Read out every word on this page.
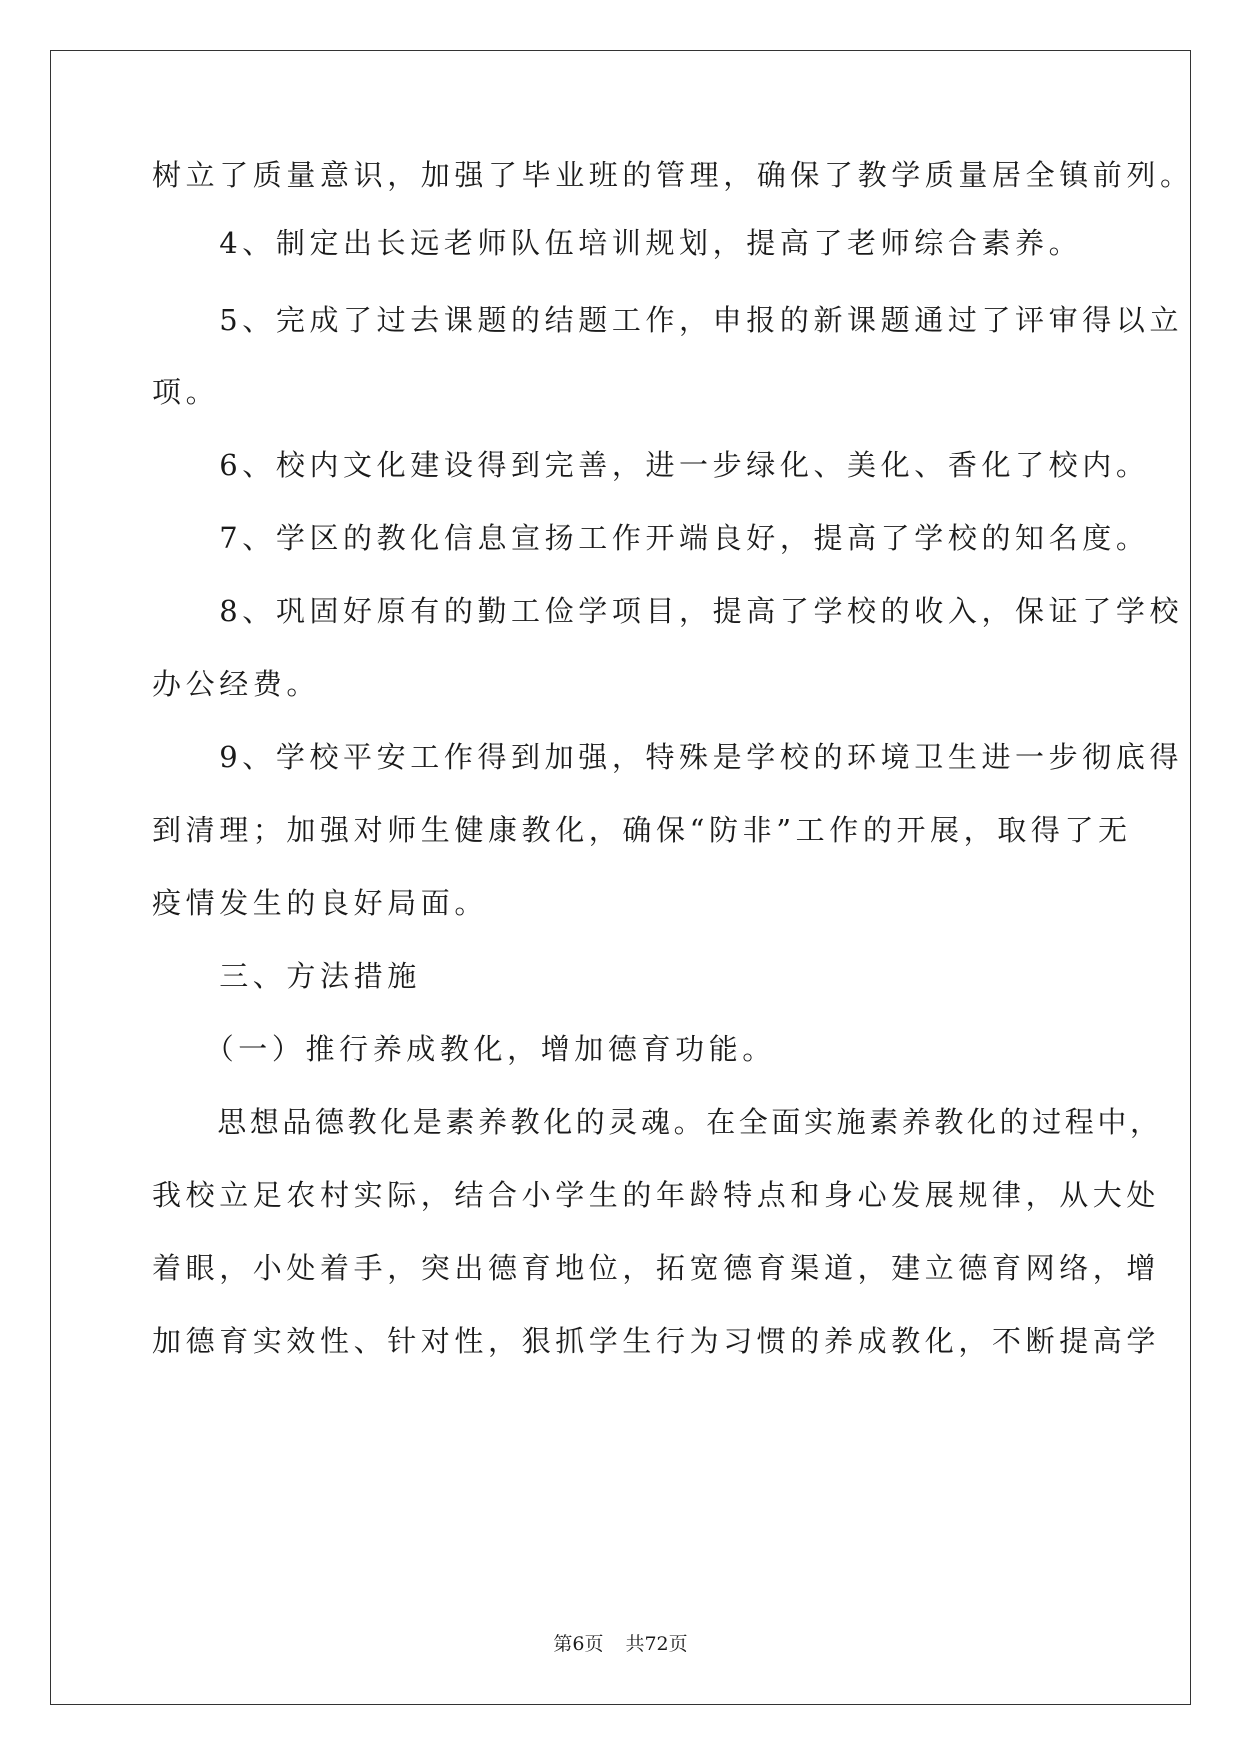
树立了质量意识，加强了毕业班的管理，确保了教学质量居全镇前列。
　　4、制定出长远老师队伍培训规划，提高了老师综合素养。
　　5、完成了过去课题的结题工作，申报的新课题通过了评审得以立
项。
　　6、校内文化建设得到完善，进一步绿化、美化、香化了校内。
　　7、学区的教化信息宣扬工作开端良好，提高了学校的知名度。
　　8、巩固好原有的勤工俭学项目，提高了学校的收入，保证了学校
办公经费。
　　9、学校平安工作得到加强，特殊是学校的环境卫生进一步彻底得
到清理；加强对师生健康教化，确保“防非”工作的开展，取得了无
疫情发生的良好局面。
　　三、方法措施
　　（一）推行养成教化，增加德育功能。
　　思想品德教化是素养教化的灵魂。在全面实施素养教化的过程中，
我校立足农村实际，结合小学生的年龄特点和身心发展规律，从大处
着眼，小处着手，突出德育地位，拓宽德育渠道，建立德育网络，增
加德育实效性、针对性，狠抓学生行为习惯的养成教化，不断提高学
第6页 共72页
